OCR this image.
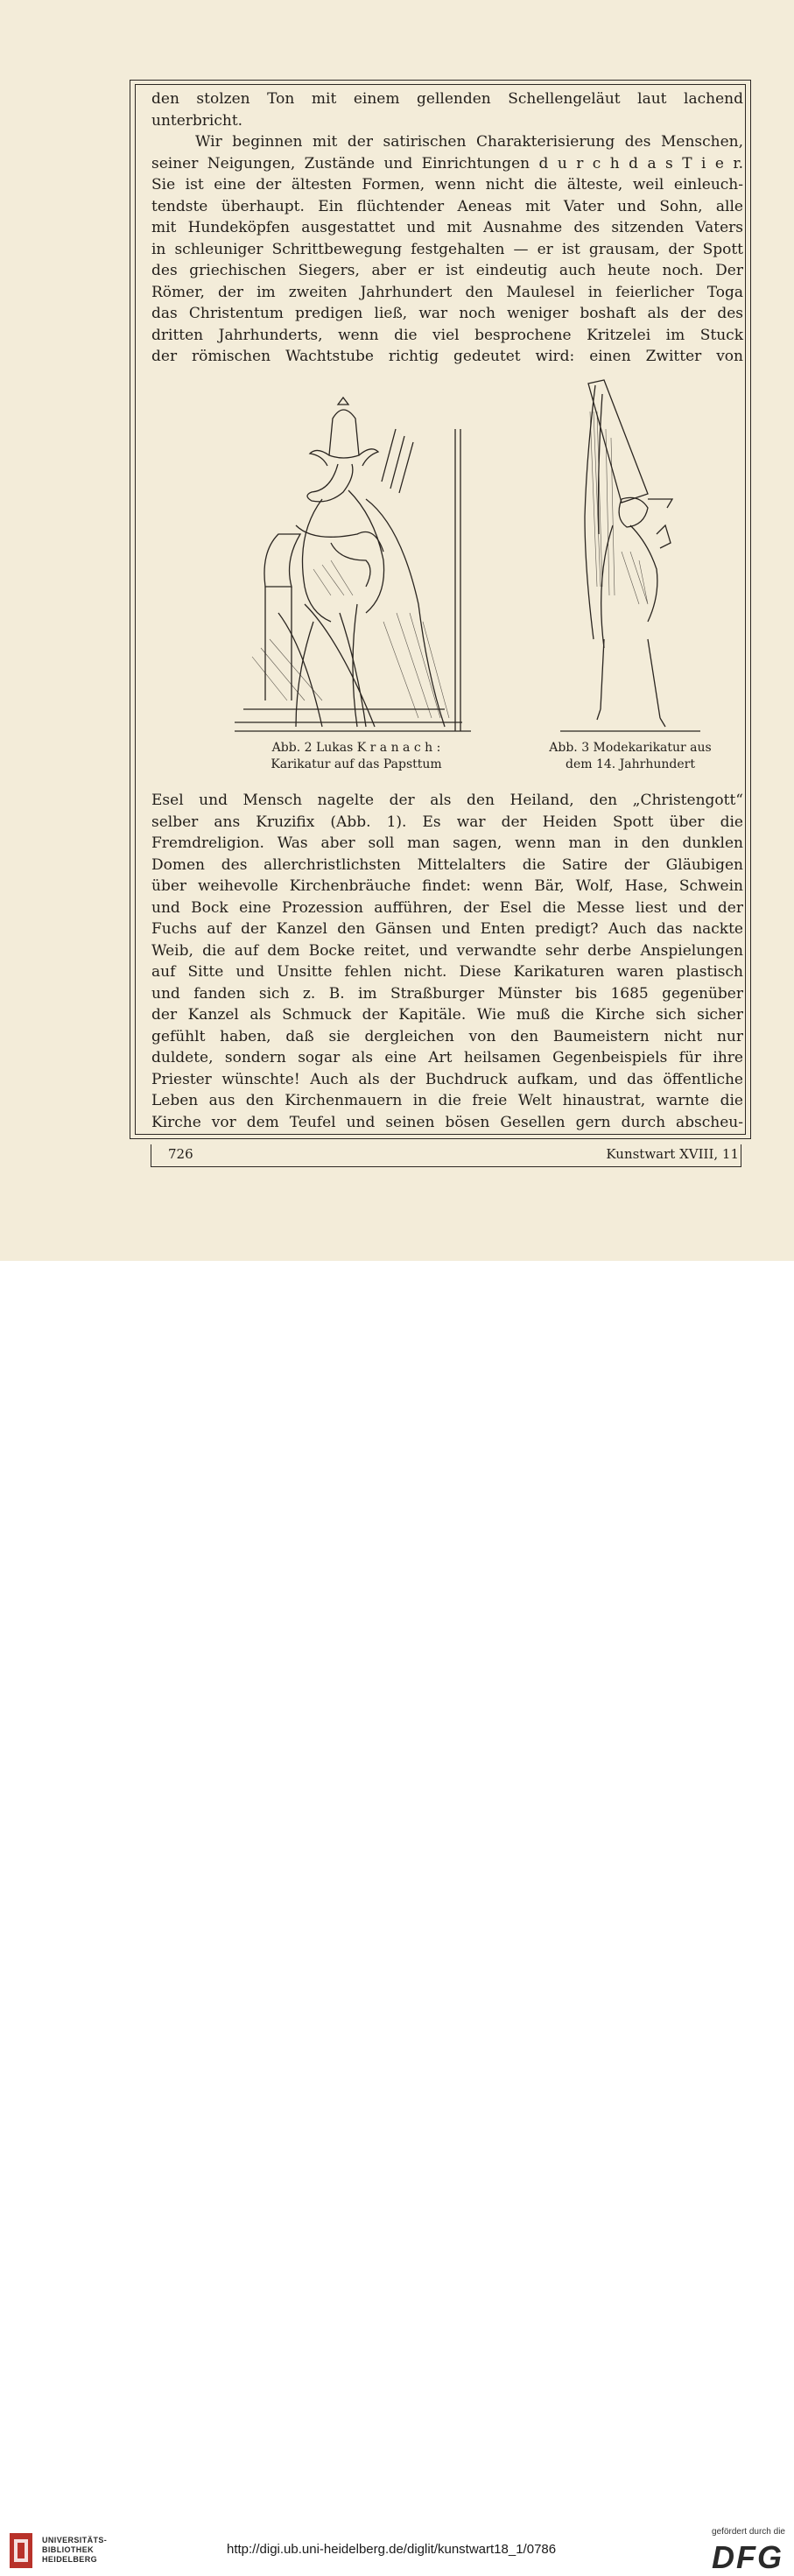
den stolzen Ton mit einem gellenden Schellengeläut laut lachend

unterbricht.

Wir beginnen mit der satirischen Charakterisierung des Menschen,

seiner Neigungen, Zustände und Einrichtungen d u r c h d a s T i e r.

Sie ist eine der ältesten Formen, wenn nicht die älteste, weil einleuch-

tendste überhaupt. Ein flüchtender Aeneas mit Vater und Sohn, alle

mit Hundeköpfen ausgestattet und mit Ausnahme des sitzenden Vaters

in schleuniger Schrittbewegung festgehalten — er ist grausam, der Spott

des griechischen Siegers, aber er ist eindeutig auch heute noch. Der

Römer, der im zweiten Jahrhundert den Maulesel in feierlicher Toga

das Christentum predigen ließ, war noch weniger boshaft als der des

dritten Jahrhunderts, wenn die viel besprochene Kritzelei im Stuck

der römischen Wachtstube richtig gedeutet wird: einen Zwitter von

Abb. 2 Lukas K r a n a c h :
Karikatur auf das Papsttum
Abb. 3 Modekarikatur aus
dem 14. Jahrhundert

Esel und Mensch nagelte der als den Heiland, den „Christengott“

selber ans Kruzifix (Abb. 1). Es war der Heiden Spott über die

Fremdreligion. Was aber soll man sagen, wenn man in den dunklen

Domen des allerchristlichsten Mittelalters die Satire der Gläubigen

über weihevolle Kirchenbräuche findet: wenn Bär, Wolf, Hase, Schwein

und Bock eine Prozession aufführen, der Esel die Messe liest und der

Fuchs auf der Kanzel den Gänsen und Enten predigt? Auch das nackte

Weib, die auf dem Bocke reitet, und verwandte sehr derbe Anspielungen

auf Sitte und Unsitte fehlen nicht. Diese Karikaturen waren plastisch

und fanden sich z. B. im Straßburger Münster bis 1685 gegenüber

der Kanzel als Schmuck der Kapitäle. Wie muß die Kirche sich sicher

gefühlt haben, daß sie dergleichen von den Baumeistern nicht nur

duldete, sondern sogar als eine Art heilsamen Gegenbeispiels für ihre

Priester wünschte! Auch als der Buchdruck aufkam, und das öffentliche

Leben aus den Kirchenmauern in die freie Welt hinaustrat, warnte die

Kirche vor dem Teufel und seinen bösen Gesellen gern durch abscheu-

726	Kunstwart XVIII, 11
UNIVERSITÄTS-
BIBLIOTHEK
HEIDELBERG
http://digi.ub.uni-heidelberg.de/diglit/kunstwart18_1/0786
gefördert durch die
DFG
